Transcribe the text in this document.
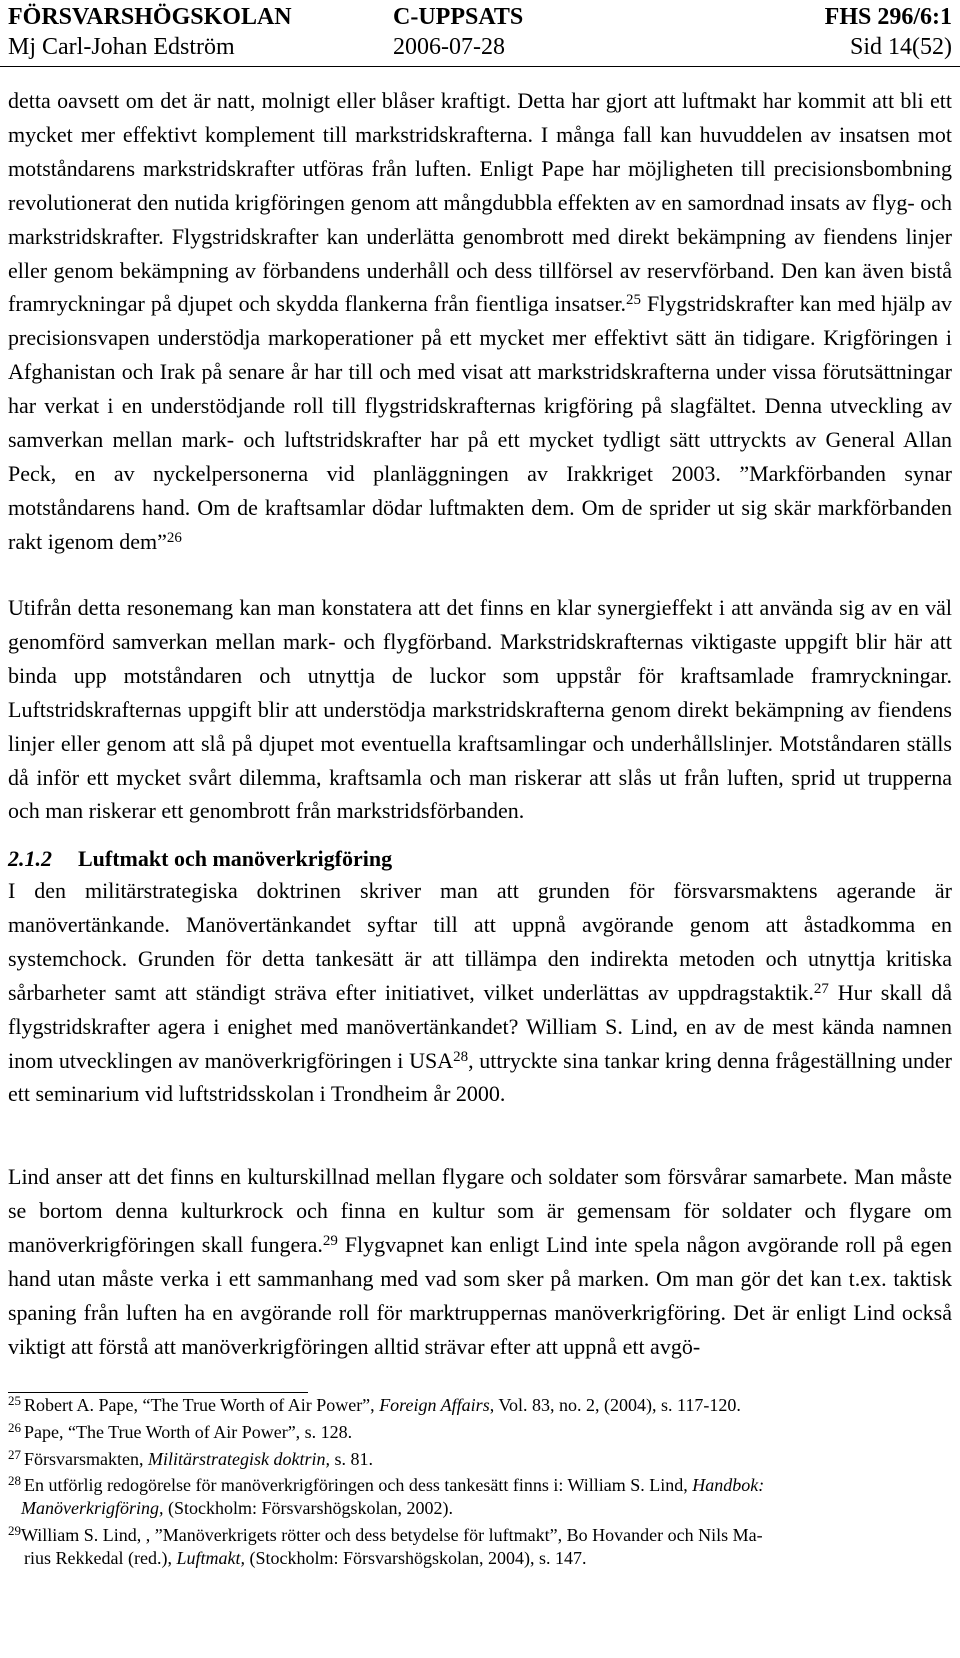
FÖRSVARSHÖGSKOLAN	C-UPPSATS	FHS 296/6:1
Mj Carl-Johan Edström	2006-07-28	Sid 14(52)

detta oavsett om det är natt, molnigt eller blåser kraftigt. Detta har gjort att luftmakt har kommit att bli ett mycket mer effektivt komplement till markstridskrafterna. I många fall kan huvuddelen av insatsen mot motståndarens markstridskrafter utföras från luften. Enligt Pape har möjligheten till precisionsbombning revolutionerat den nutida krigföringen genom att mångdubbla effekten av en samordnad insats av flyg- och markstridskrafter. Flygstridskrafter kan underlätta genombrott med direkt bekämpning av fiendens linjer eller genom bekämpning av förbandens underhåll och dess tillförsel av reservförband. Den kan även bistå framryckningar på djupet och skydda flankerna från fientliga insatser.$^{25}$ Flygstridskrafter kan med hjälp av precisionsvapen understödja markoperationer på ett mycket mer effektivt sätt än tidigare. Krigföringen i Afghanistan och Irak på senare år har till och med visat att markstridskrafterna under vissa förutsättningar har verkat i en understödjande roll till flygstridskrafternas krigföring på slagfältet. Denna utveckling av samverkan mellan mark- och luftstridskrafter har på ett mycket tydligt sätt uttryckts av General Allan Peck, en av nyckelpersonerna vid planläggningen av Irakkriget 2003. ”Markförbanden synar motståndarens hand. Om de kraftsamlar dödar luftmakten dem. Om de sprider ut sig skär markförbanden rakt igenom dem”$^{26}$

Utifrån detta resonemang kan man konstatera att det finns en klar synergieffekt i att använda sig av en väl genomförd samverkan mellan mark- och flygförband. Markstridskrafternas viktigaste uppgift blir här att binda upp motståndaren och utnyttja de luckor som uppstår för kraftsamlade framryckningar. Luftstridskrafternas uppgift blir att understödja markstridskrafterna genom direkt bekämpning av fiendens linjer eller genom att slå på djupet mot eventuella kraftsamlingar och underhållslinjer. Motståndaren ställs då inför ett mycket svårt dilemma, kraftsamla och man riskerar att slås ut från luften, sprid ut trupperna och man riskerar ett genombrott från markstridsförbanden.

2.1.2 Luftmakt och manöverkrigföring

I den militärstrategiska doktrinen skriver man att grunden för försvarsmaktens agerande är manövertänkande. Manövertänkandet syftar till att uppnå avgörande genom att åstadkomma en systemchock. Grunden för detta tankesätt är att tillämpa den indirekta metoden och utnyttja kritiska sårbarheter samt att ständigt sträva efter initiativet, vilket underlättas av uppdragstaktik.$^{27}$ Hur skall då flygstridskrafter agera i enighet med manövertänkandet? William S. Lind, en av de mest kända namnen inom utvecklingen av manöverkrigföringen i USA$^{28}$, uttryckte sina tankar kring denna frågeställning under ett seminarium vid luftstridsskolan i Trondheim år 2000.

Lind anser att det finns en kulturskillnad mellan flygare och soldater som försvårar samarbete. Man måste se bortom denna kulturkrock och finna en kultur som är gemensam för soldater och flygare om manöverkrigföringen skall fungera.$^{29}$ Flygvapnet kan enligt Lind inte spela någon avgörande roll på egen hand utan måste verka i ett sammanhang med vad som sker på marken. Om man gör det kan t.ex. taktisk spaning från luften ha en avgörande roll för marktruppernas manöverkrigföring. Det är enligt Lind också viktigt att förstå att manöverkrigföringen alltid strävar efter att uppnå ett avgö-

$^{25}$ Robert A. Pape, “The True Worth of Air Power”, Foreign Affairs, Vol. 83, no. 2, (2004), s. 117-120.
$^{26}$ Pape, “The True Worth of Air Power”, s. 128.
$^{27}$ Försvarsmakten, Militärstrategisk doktrin, s. 81.
$^{28}$ En utförlig redogörelse för manöverkrigföringen och dess tankesätt finns i: William S. Lind, Handbok:
Manöverkrigföring, (Stockholm: Försvarshögskolan, 2002).
$^{29}$William S. Lind, , ”Manöverkrigets rötter och dess betydelse för luftmakt”, Bo Hovander och Nils Ma-
rius Rekkedal (red.), Luftmakt, (Stockholm: Försvarshögskolan, 2004), s. 147.
